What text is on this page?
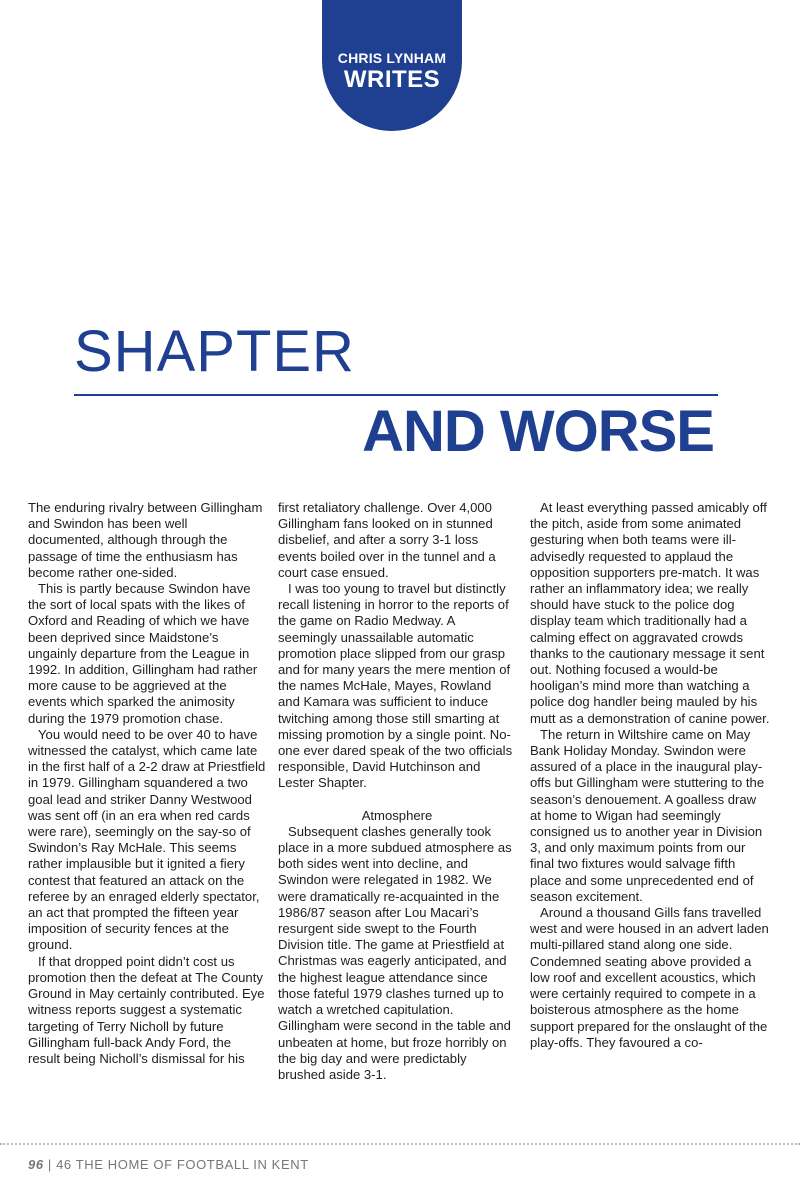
CHRIS LYNHAM
WRITES
SHAPTER
AND WORSE

The enduring rivalry between Gillingham and Swindon has been well documented, although through the passage of time the enthusiasm has become rather one-sided.

This is partly because Swindon have the sort of local spats with the likes of Oxford and Reading of which we have been deprived since Maidstone’s ungainly departure from the League in 1992. In addition, Gillingham had rather more cause to be aggrieved at the events which sparked the animosity during the 1979 promotion chase.

You would need to be over 40 to have witnessed the catalyst, which came late in the first half of a 2-2 draw at Priestfield in 1979. Gillingham squandered a two goal lead and striker Danny Westwood was sent off (in an era when red cards were rare), seemingly on the say-so of Swindon’s Ray McHale. This seems rather implausible but it ignited a fiery contest that featured an attack on the referee by an enraged elderly spectator, an act that prompted the fifteen year imposition of security fences at the ground.

If that dropped point didn’t cost us promotion then the defeat at The County Ground in May certainly contributed. Eye witness reports suggest a systematic targeting of Terry Nicholl by future Gillingham full-back Andy Ford, the result being Nicholl’s dismissal for his

first retaliatory challenge. Over 4,000 Gillingham fans looked on in stunned disbelief, and after a sorry 3-1 loss events boiled over in the tunnel and a court case ensued.

I was too young to travel but distinctly recall listening in horror to the reports of the game on Radio Medway. A seemingly unassailable automatic promotion place slipped from our grasp and for many years the mere mention of the names McHale, Mayes, Rowland and Kamara was sufficient to induce twitching among those still smarting at missing promotion by a single point. No-one ever dared speak of the two officials responsible, David Hutchinson and Lester Shapter.

Atmosphere

Subsequent clashes generally took place in a more subdued atmosphere as both sides went into decline, and Swindon were relegated in 1982. We were dramatically re-acquainted in the 1986/87 season after Lou Macari’s resurgent side swept to the Fourth Division title. The game at Priestfield at Christmas was eagerly anticipated, and the highest league attendance since those fateful 1979 clashes turned up to watch a wretched capitulation. Gillingham were second in the table and unbeaten at home, but froze horribly on the big day and were predictably brushed aside 3-1.

At least everything passed amicably off the pitch, aside from some animated gesturing when both teams were ill-advisedly requested to applaud the opposition supporters pre-match. It was rather an inflammatory idea; we really should have stuck to the police dog display team which traditionally had a calming effect on aggravated crowds thanks to the cautionary message it sent out. Nothing focused a would-be hooligan’s mind more than watching a police dog handler being mauled by his mutt as a demonstration of canine power.

The return in Wiltshire came on May Bank Holiday Monday. Swindon were assured of a place in the inaugural play-offs but Gillingham were stuttering to the season’s denouement. A goalless draw at home to Wigan had seemingly consigned us to another year in Division 3, and only maximum points from our final two fixtures would salvage fifth place and some unprecedented end of season excitement.

Around a thousand Gills fans travelled west and were housed in an advert laden multi-pillared stand along one side. Condemned seating above provided a low roof and excellent acoustics, which were certainly required to compete in a boisterous atmosphere as the home support prepared for the onslaught of the play-offs. They favoured a co-

96 | 46 THE HOME OF FOOTBALL IN KENT
